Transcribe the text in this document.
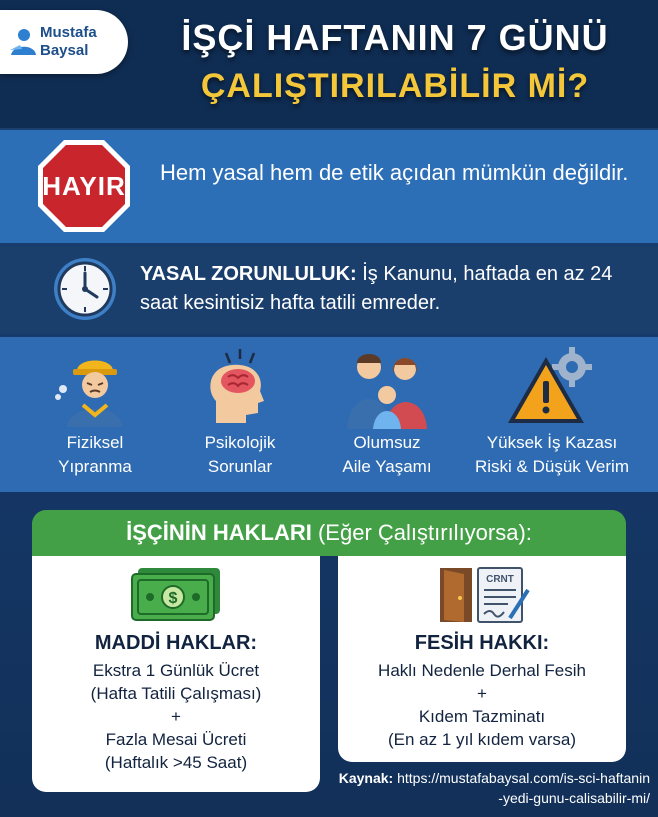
Mustafa
Baysal	İŞÇİ HAFTANIN 7 GÜNÜ
ÇALIŞTIRILABİLİR Mİ?
HAYIR Hem yasal hem de etik açıdan mümkün değildir.
YASAL ZORUNLULUK: İş Kanunu, haftada en az 24 saat kesintisiz hafta tatili emreder.
Fiziksel
Yıpranma
Psikolojik
Sorunlar
Olumsuz
Aile Yaşamı
Yüksek İş Kazası
Riski & Düşük Verim
İŞÇİNİN HAKLARI (Eğer Çalıştırılıyorsa):
$
MADDİ HAKLAR:
Ekstra 1 Günlük Ücret
(Hafta Tatili Çalışması)
+
Fazla Mesai Ücreti
(Haftalık >45 Saat)
CRNT
FESİH HAKKI:
Haklı Nedenle Derhal Fesih
+
Kıdem Tazminatı
(En az 1 yıl kıdem varsa)
Kaynak: https://mustafabaysal.com/is-sci-haftanin-yedi-gunu-calisabilir-mi/
